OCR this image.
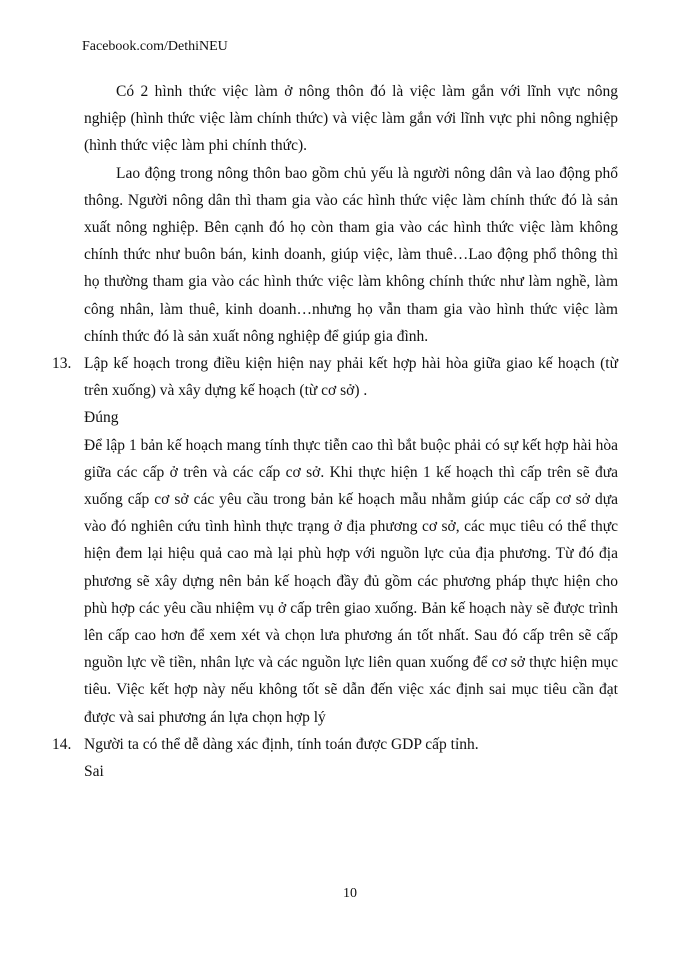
Facebook.com/DethiNEU

Có 2 hình thức việc làm ở nông thôn đó là việc làm gắn với lĩnh vực nông nghiệp (hình thức việc làm chính thức) và việc làm gắn với lĩnh vực phi nông nghiệp (hình thức việc làm phi chính thức).

Lao động trong nông thôn bao gồm chủ yếu là người nông dân và lao động phổ thông. Người nông dân thì tham gia vào các hình thức việc làm chính thức đó là sản xuất nông nghiệp. Bên cạnh đó họ còn tham gia vào các hình thức việc làm không chính thức như buôn bán, kinh doanh, giúp việc, làm thuê…Lao động phổ thông thì họ thường tham gia vào các hình thức việc làm không chính thức như làm nghề, làm công nhân, làm thuê, kinh doanh…nhưng họ vẫn tham gia vào hình thức việc làm chính thức đó là sản xuất nông nghiệp để giúp gia đình.

13. Lập kế hoạch trong điều kiện hiện nay phải kết hợp hài hòa giữa giao kế hoạch (từ trên xuống) và xây dựng kế hoạch (từ cơ sở) .

Đúng

Để lập 1 bản kế hoạch mang tính thực tiễn cao thì bắt buộc phải có sự kết hợp hài hòa giữa các cấp ở trên và các cấp cơ sở. Khi thực hiện 1 kế hoạch thì cấp trên sẽ đưa xuống cấp cơ sở các yêu cầu trong bản kế hoạch mẫu nhằm giúp các cấp cơ sở dựa vào đó nghiên cứu tình hình thực trạng ở địa phương cơ sở, các mục tiêu có thể thực hiện đem lại hiệu quả cao mà lại phù hợp với nguồn lực của địa phương. Từ đó địa phương sẽ xây dựng nên bản kế hoạch đầy đủ gồm các phương pháp thực hiện cho phù hợp các yêu cầu nhiệm vụ ở cấp trên giao xuống. Bản kế hoạch này sẽ được trình lên cấp cao hơn để xem xét và chọn lưa phương án tốt nhất. Sau đó cấp trên sẽ cấp nguồn lực về tiền, nhân lực và các nguồn lực liên quan xuống để cơ sở thực hiện mục tiêu. Việc kết hợp này nếu không tốt sẽ dẫn đến việc xác định sai mục tiêu cần đạt được và sai phương án lựa chọn hợp lý

14. Người ta có thể dễ dàng xác định, tính toán được GDP cấp tỉnh.

Sai

10
